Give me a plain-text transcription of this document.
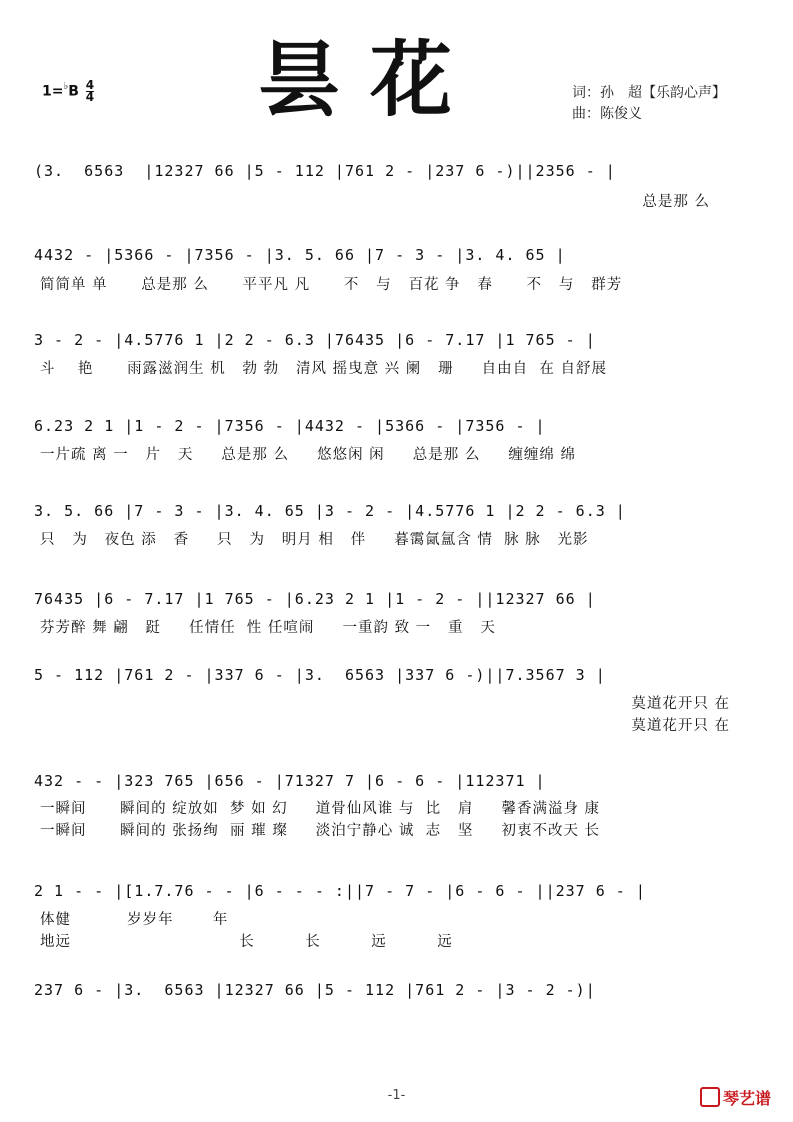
$1=^♭B \frac{4}{4}$ 昙花	词：孙　超【乐韵心声】
曲：陈俊义
(3.  6563  |12327 66 |5 - 112 |761 2 - |237 6 -)||2356 - |
总是那 么
4432 - |5366 - |7356 - |3. 5. 66 |7 - 3 - |3. 4. 65 |
简简单 单      总是那 么      平平凡 凡      不   与   百花 争   春      不   与   群芳
3 - 2 - |4.5776 1 |2 2 - 6.3 |76435 |6 - 7.17 |1 765 - |
斗    艳      雨露滋润生 机   勃 勃   清风 摇曳意 兴 阑   珊     自由自  在 自舒展
6.23 2 1 |1 - 2 - |7356 - |4432 - |5366 - |7356 - |
一片疏 离 一   片   天     总是那 么     悠悠闲 闲     总是那 么     缠缠绵 绵
3. 5. 66 |7 - 3 - |3. 4. 65 |3 - 2 - |4.5776 1 |2 2 - 6.3 |
只   为   夜色 添   香     只   为   明月 相   伴     暮霭氤氲含 情  脉 脉   光影
76435 |6 - 7.17 |1 765 - |6.23 2 1 |1 - 2 - ||12327 66 |
芬芳醉 舞 翩   跹     任情任  性 任喧闹     一重韵 致 一   重   天
5 - 112 |761 2 - |337 6 - |3.  6563 |337 6 -)||7.3567 3 |
莫道花开只 在
莫道花开只 在
432 - - |323 765 |656 - |71327 7 |6 - 6 - |112371 |
一瞬间      瞬间的 绽放如  梦 如 幻     道骨仙风谁 与  比   肩     馨香满溢身 康
一瞬间      瞬间的 张扬绚  丽 璀 璨     淡泊宁静心 诚  志   坚     初衷不改天 长
2 1 - - |[1.7.76 - - |6 - - - :||7 - 7 - |6 - 6 - ||237 6 - |
体健          岁岁年       年
地远                              长         长         远         远
237 6 - |3.  6563 |12327 66 |5 - 112 |761 2 - |3 - 2 -)|
-1-	琴艺谱
